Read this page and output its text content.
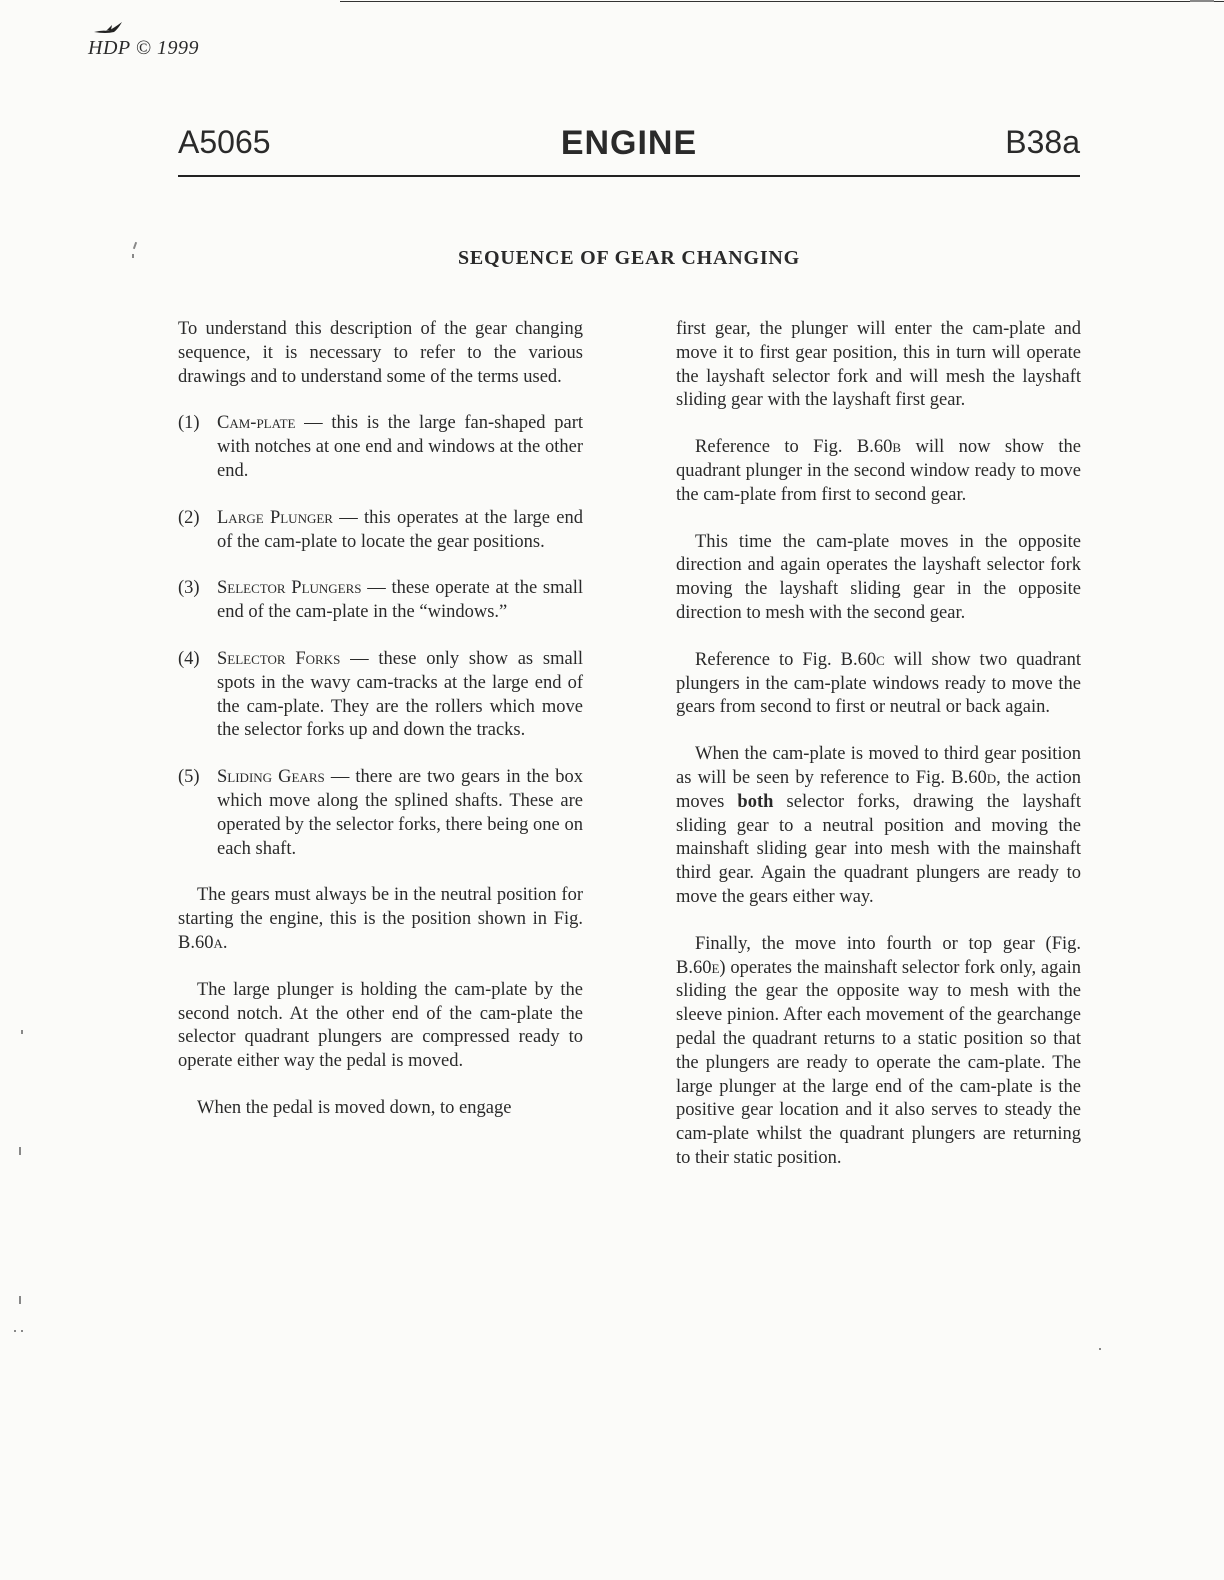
HDP © 1999
A5065	ENGINE	B38a
SEQUENCE OF GEAR CHANGING

To understand this description of the gear changing sequence, it is necessary to refer to the various drawings and to understand some of the terms used.

(1) Cam-plate — this is the large fan-shaped part with notches at one end and windows at the other end.
(2) Large Plunger — this operates at the large end of the cam-plate to locate the gear positions.
(3) Selector Plungers — these operate at the small end of the cam-plate in the “windows.”
(4) Selector Forks — these only show as small spots in the wavy cam-tracks at the large end of the cam-plate. They are the rollers which move the selector forks up and down the tracks.
(5) Sliding Gears — there are two gears in the box which move along the splined shafts. These are operated by the selector forks, there being one on each shaft.

The gears must always be in the neutral position for starting the engine, this is the position shown in Fig. B.60a.

The large plunger is holding the cam-plate by the second notch. At the other end of the cam-plate the selector quadrant plungers are compressed ready to operate either way the pedal is moved.

When the pedal is moved down, to engage

first gear, the plunger will enter the cam-plate and move it to first gear position, this in turn will operate the layshaft selector fork and will mesh the layshaft sliding gear with the layshaft first gear.

Reference to Fig. B.60b will now show the quadrant plunger in the second window ready to move the cam-plate from first to second gear.

This time the cam-plate moves in the opposite direction and again operates the layshaft selector fork moving the layshaft sliding gear in the opposite direction to mesh with the second gear.

Reference to Fig. B.60c will show two quadrant plungers in the cam-plate windows ready to move the gears from second to first or neutral or back again.

When the cam-plate is moved to third gear position as will be seen by reference to Fig. B.60d, the action moves both selector forks, drawing the layshaft sliding gear to a neutral position and moving the mainshaft sliding gear into mesh with the mainshaft third gear. Again the quadrant plungers are ready to move the gears either way.

Finally, the move into fourth or top gear (Fig. B.60e) operates the mainshaft selector fork only, again sliding the gear the opposite way to mesh with the sleeve pinion. After each movement of the gearchange pedal the quadrant returns to a static position so that the plungers are ready to operate the cam-plate. The large plunger at the large end of the cam-plate is the positive gear location and it also serves to steady the cam-plate whilst the quadrant plungers are returning to their static position.
